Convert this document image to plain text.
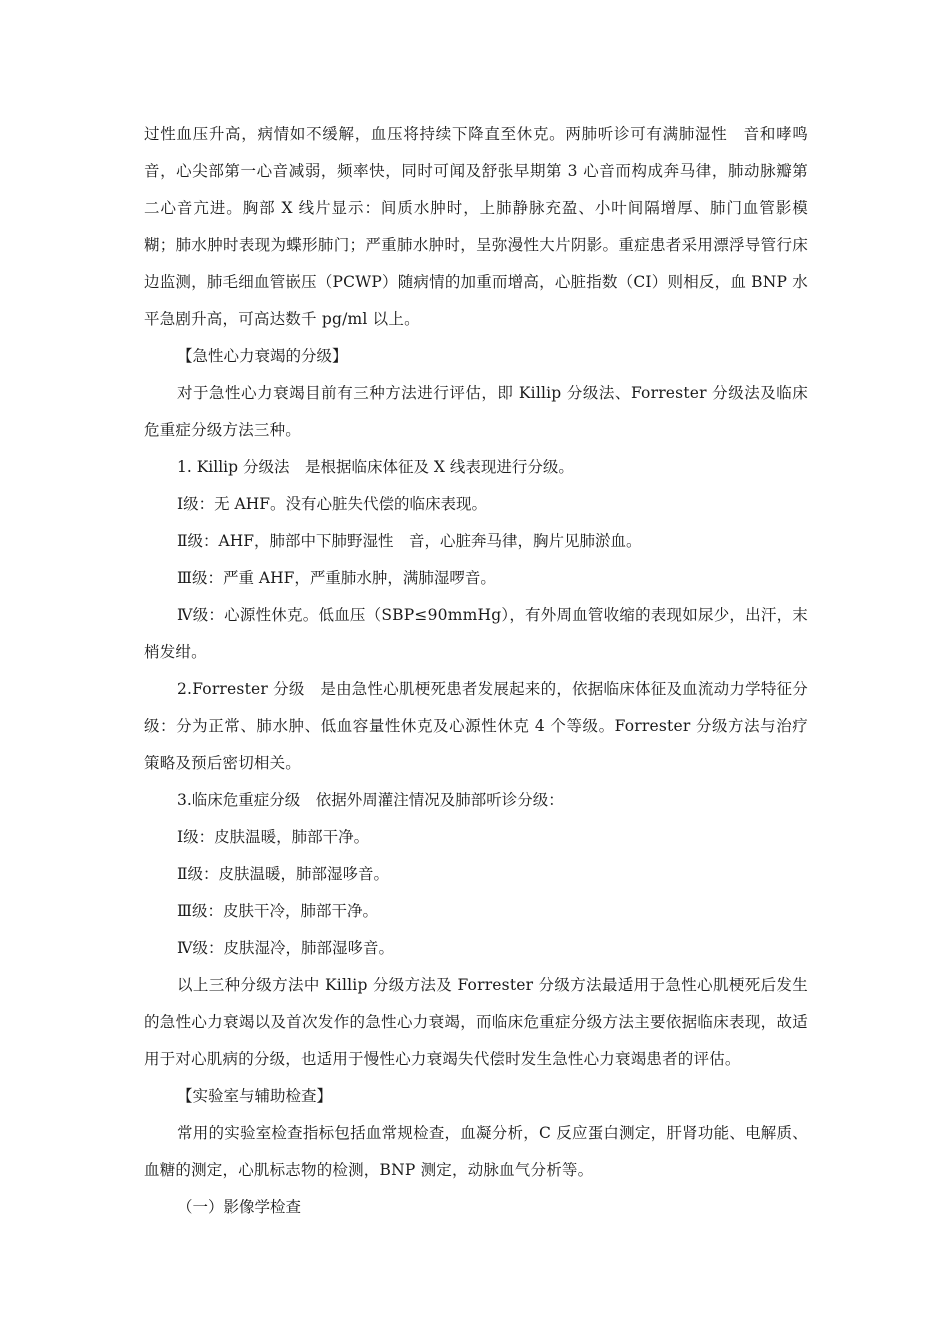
过性血压升高，病情如不缓解，血压将持续下降直至休克。两肺听诊可有满肺湿性　音和哮鸣音，心尖部第一心音减弱，频率快，同时可闻及舒张早期第 3 心音而构成奔马律，肺动脉瓣第二心音亢进。胸部 X 线片显示：间质水肿时，上肺静脉充盈、小叶间隔增厚、肺门血管影模糊；肺水肿时表现为蝶形肺门；严重肺水肿时，呈弥漫性大片阴影。重症患者采用漂浮导管行床边监测，肺毛细血管嵌压（PCWP）随病情的加重而增高，心脏指数（CI）则相反，血 BNP 水平急剧升高，可高达数千 pg/ml 以上。

【急性心力衰竭的分级】

对于急性心力衰竭目前有三种方法进行评估，即 Killip 分级法、Forrester 分级法及临床危重症分级方法三种。

1. Killip 分级法　是根据临床体征及 X 线表现进行分级。

Ⅰ级：无 AHF。没有心脏失代偿的临床表现。

Ⅱ级：AHF，肺部中下肺野湿性　音，心脏奔马律，胸片见肺淤血。

Ⅲ级：严重 AHF，严重肺水肿，满肺湿啰音。

Ⅳ级：心源性休克。低血压（SBP≤90mmHg），有外周血管收缩的表现如尿少，出汗，末梢发绀。

2.Forrester 分级　是由急性心肌梗死患者发展起来的，依据临床体征及血流动力学特征分级：分为正常、肺水肿、低血容量性休克及心源性休克 4 个等级。Forrester 分级方法与治疗策略及预后密切相关。

3.临床危重症分级　依据外周灌注情况及肺部听诊分级：

Ⅰ级：皮肤温暖，肺部干净。

Ⅱ级：皮肤温暖，肺部湿哆音。

Ⅲ级：皮肤干冷，肺部干净。

Ⅳ级：皮肤湿冷，肺部湿哆音。

以上三种分级方法中 Killip 分级方法及 Forrester 分级方法最适用于急性心肌梗死后发生的急性心力衰竭以及首次发作的急性心力衰竭，而临床危重症分级方法主要依据临床表现，故适用于对心肌病的分级，也适用于慢性心力衰竭失代偿时发生急性心力衰竭患者的评估。

【实验室与辅助检查】

常用的实验室检查指标包括血常规检查，血凝分析，C 反应蛋白测定，肝肾功能、电解质、血糖的测定，心肌标志物的检测，BNP 测定，动脉血气分析等。

（一）影像学检查
